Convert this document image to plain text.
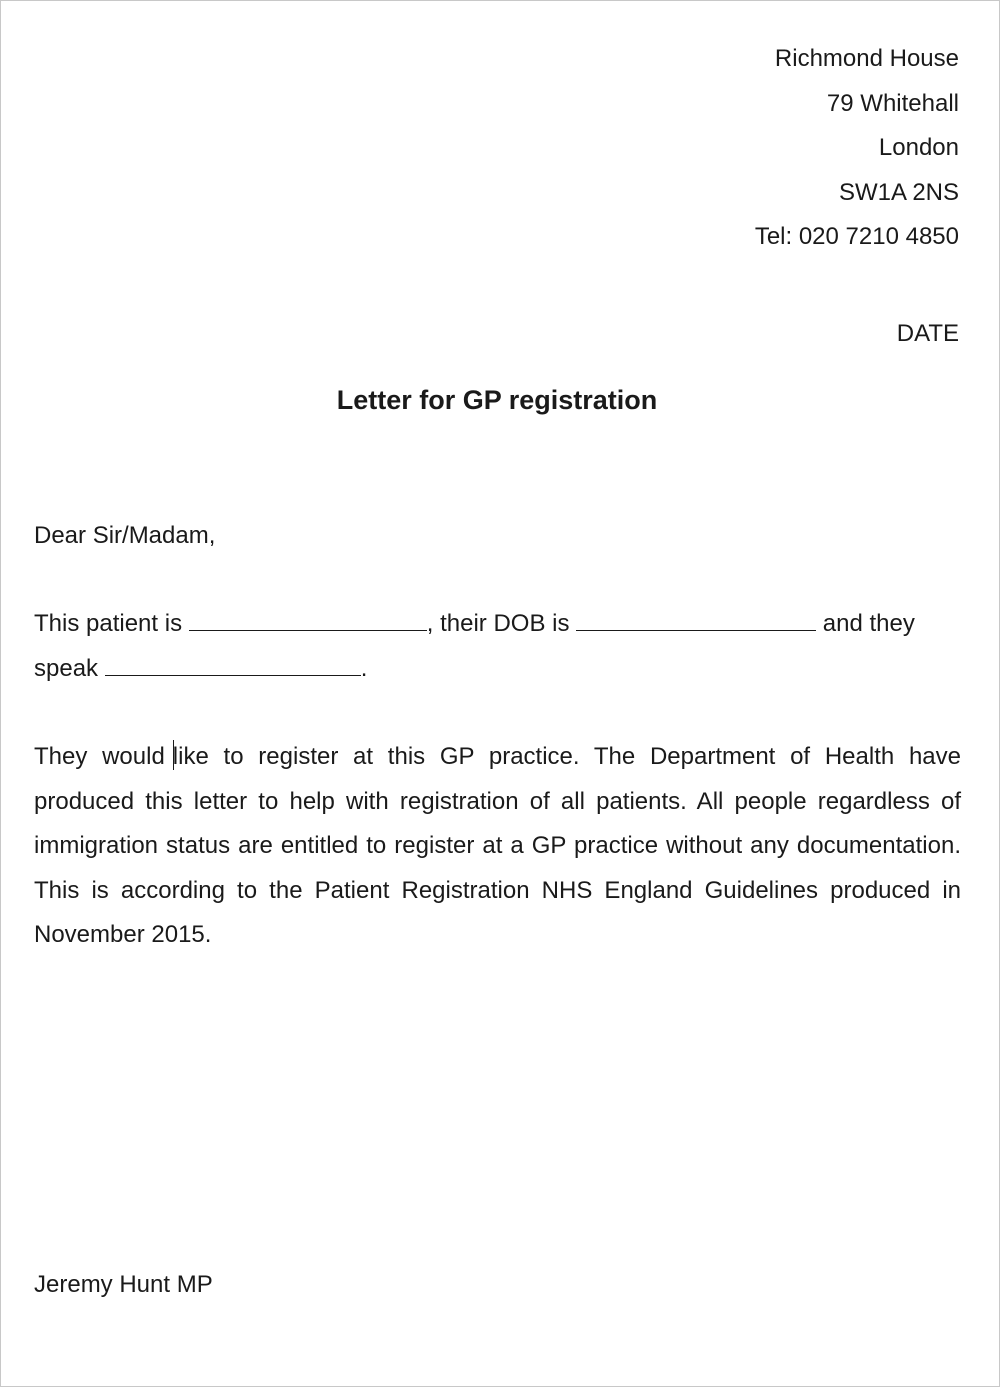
Richmond House
79 Whitehall
London
SW1A 2NS
Tel: 020 7210 4850
DATE
Letter for GP registration
Dear Sir/Madam,
This patient is	, their DOB is	and they
speak	.
They would like to register at this GP practice. The Department of Health have produced this letter to help with registration of all patients. All people regardless of immigration status are entitled to register at a GP practice without any documentation. This is according to the Patient Registration NHS England Guidelines produced in November 2015.
Jeremy Hunt MP
